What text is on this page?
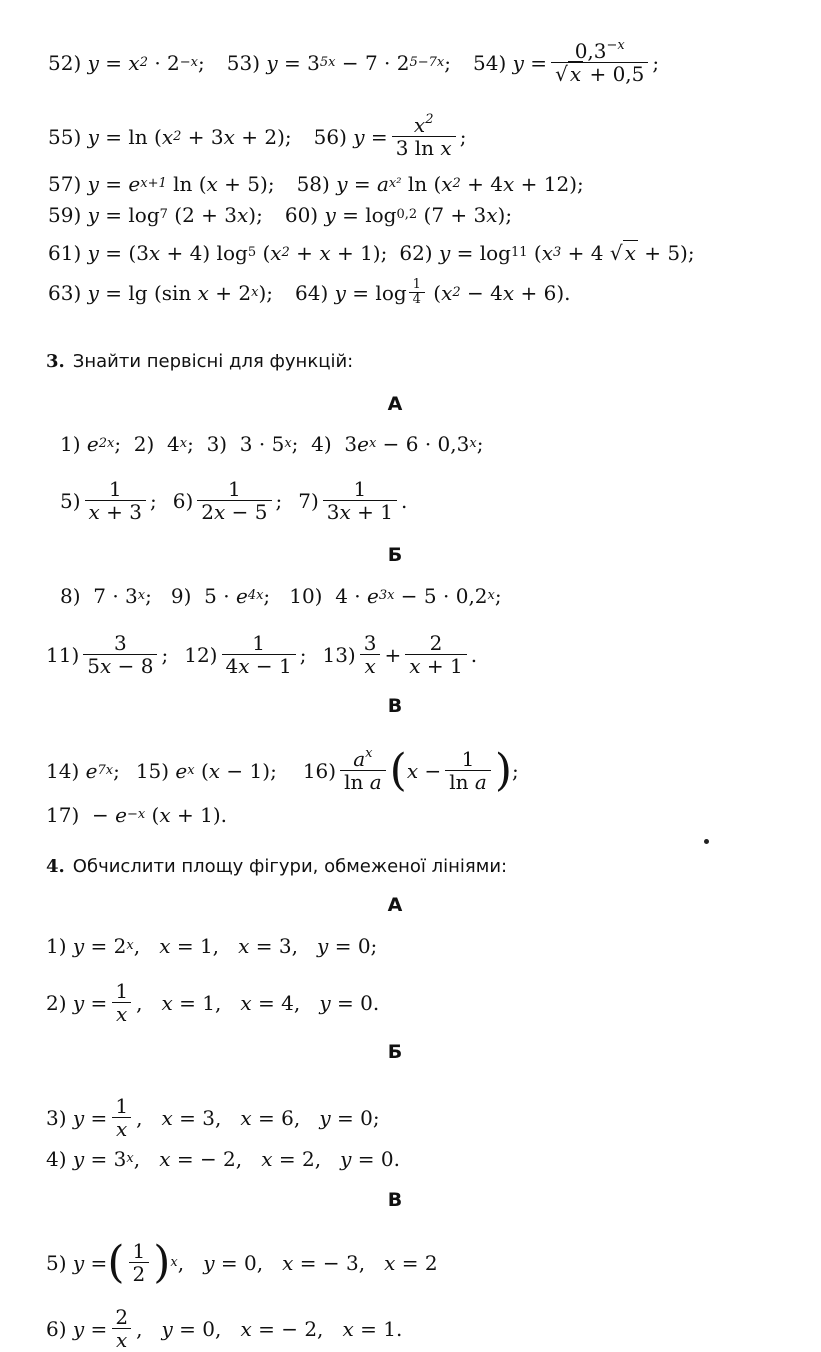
52) y = x 2 · 2 −x ; 53) y = 3 5x − 7 · 2 5−7x ; 54) $y = \frac{0,3^{-x}}{√ x + 0,5}$ ;
55) y = ln ( x 2 + 3 x + 2); 56) $y = \frac{x^2}{\text{3 ln x}}$ ;
57) y = e x+1 ln ( x + 5); 58) y = a x² ln ( x 2 + 4 x + 12);
59) y = log 7 (2 + 3 x ); 60) y = log 0,2 (7 + 3 x );
61) y = (3 x + 4) log 5 ( x 2 + x + 1); 62) y = log 11 ( x 3 + 4 √ x + 5);
63) y = lg (sin x + 2 x ); 64) $y = \log \frac{1}{4}$ ( x 2 − 4 x + 6).
3. Знайти первісні для функцій:
А
1) e 2x ;  2)  4 x ;  3)  3 · 5 x ;  4)  3 e x − 6 · 0,3 x ;
$5) \frac{1}{x + 3}$ ; $6) \frac{1}{2x - 5}$ ; $7) \frac{1}{3x + 1}$ .
Б
8)  7 · 3 x ;   9)  5 · e 4x ;   10)  4 · e 3x − 5 · 0,2 x ;
$11) \frac{3}{5x - 8}$ ; $12) \frac{1}{4x - 1}$ ; $13) \frac{3}{x} + \frac{2}{x + 1}$ .
В
14) e 7x ; 15) e x ( x − 1); $16) \frac{a^x}{\text{ln a}}$ ( $x - \frac{1}{\text{ln a}}$ ) ;
17)  − e −x ( x + 1).
4. Обчислити площу фігури, обмеженої лініями:
А
1) y = 2 x , x = 1, x = 3, y = 0;
2) $y = \frac{1}{x}$ , x = 1, x = 4, y = 0.
Б
3) $y = \frac{1}{x}$ , x = 3, x = 6, y = 0;
4) y = 3 x , x = − 2, x = 2, y = 0.
В
5) y = ( $\frac{1}{2}$ ) x , y = 0, x = − 3, x = 2
6) $y = \frac{2}{x}$ , y = 0, x = − 2, x = 1.
